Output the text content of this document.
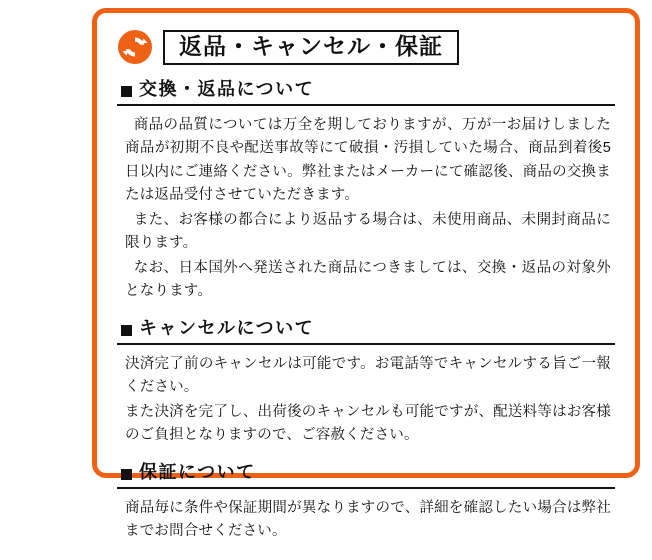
返品・キャンセル・保証
交換・返品について

商品の品質については万全を期しておりますが、万が一お届けしました商品が初期不良や配送事故等にて破損・汚損していた場合、商品到着後5日以内にご連絡ください。弊社またはメーカーにて確認後、商品の交換または返品受付させていただきます。

また、お客様の都合により返品する場合は、未使用商品、未開封商品に限ります。

なお、日本国外へ発送された商品につきましては、交換・返品の対象外となります。

キャンセルについて

決済完了前のキャンセルは可能です。お電話等でキャンセルする旨ご一報ください。

また決済を完了し、出荷後のキャンセルも可能ですが、配送料等はお客様のご負担となりますので、ご容赦ください。

保証について

商品毎に条件や保証期間が異なりますので、詳細を確認したい場合は弊社までお問合せください。
